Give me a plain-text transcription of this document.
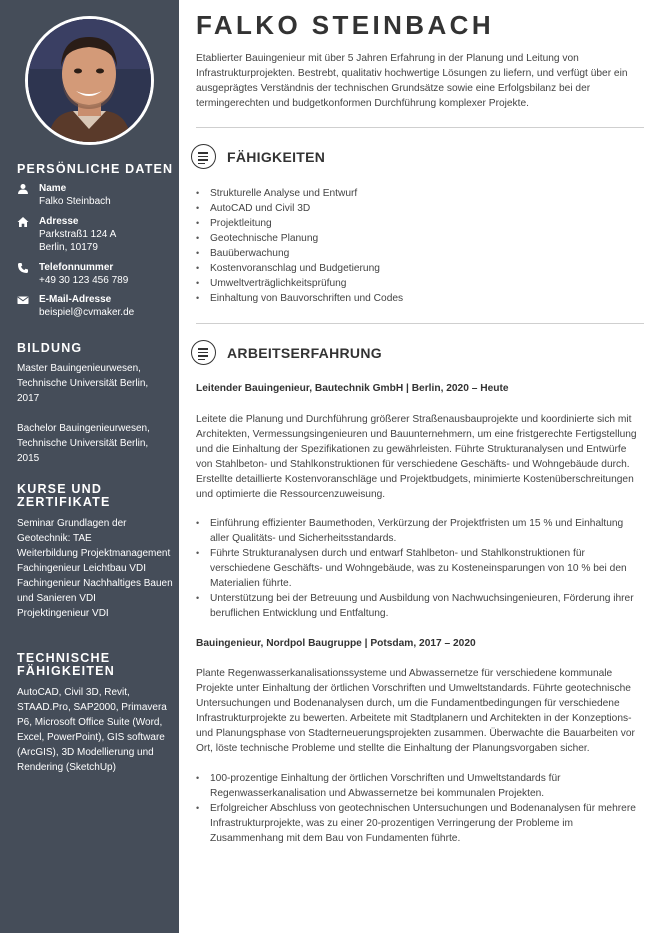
PERSÖNLICHE DATEN
Name
Falko Steinbach
Adresse
Parkstraß1 124 A
Berlin, 10179
Telefonnummer
+49 30 123 456 789
E-Mail-Adresse
beispiel@cvmaker.de
BILDUNG
Master Bauingenieurwesen,
Technische Universität Berlin,
2017
Bachelor Bauingenieurwesen,
Technische Universität Berlin,
2015
KURSE UND ZERTIFIKATE
Seminar Grundlagen der Geotechnik: TAE
Weiterbildung Projektmanagement
Fachingenieur Leichtbau VDI
Fachingenieur Nachhaltiges Bauen und Sanieren VDI
Projektingenieur VDI
TECHNISCHE FÄHIGKEITEN
AutoCAD, Civil 3D, Revit, STAAD.Pro, SAP2000, Primavera P6, Microsoft Office Suite (Word, Excel, PowerPoint), GIS software (ArcGIS), 3D Modellierung und Rendering (SketchUp)
FALKO STEINBACH

Etablierter Bauingenieur mit über 5 Jahren Erfahrung in der Planung und Leitung von Infrastrukturprojekten. Bestrebt, qualitativ hochwertige Lösungen zu liefern, und verfügt über ein ausgeprägtes Verständnis der technischen Grundsätze sowie eine Erfolgsbilanz bei der termingerechten und budgetkonformen Durchführung komplexer Projekte.

FÄHIGKEITEN
• Strukturelle Analyse und Entwurf
• AutoCAD und Civil 3D
• Projektleitung
• Geotechnische Planung
• Bauüberwachung
• Kostenvoranschlag und Budgetierung
• Umweltverträglichkeitsprüfung
• Einhaltung von Bauvorschriften und Codes
ARBEITSERFAHRUNG
Leitender Bauingenieur, Bautechnik GmbH | Berlin, 2020 – Heute

Leitete die Planung und Durchführung größerer Straßenausbauprojekte und koordinierte sich mit Architekten, Vermessungsingenieuren und Bauunternehmern, um eine fristgerechte Fertigstellung und die Einhaltung der Spezifikationen zu gewährleisten. Führte Strukturanalysen und Entwürfe von Stahlbeton- und Stahlkonstruktionen für verschiedene Geschäfts- und Wohngebäude durch. Erstellte detaillierte Kostenvoranschläge und Projektbudgets, minimierte Kostenüberschreitungen und optimierte die Ressourcenzuweisung.

• Einführung effizienter Baumethoden, Verkürzung der Projektfristen um 15 % und Einhaltung aller Qualitäts- und Sicherheitsstandards.
• Führte Strukturanalysen durch und entwarf Stahlbeton- und Stahlkonstruktionen für verschiedene Geschäfts- und Wohngebäude, was zu Kosteneinsparungen von 10 % bei den Materialien führte.
• Unterstützung bei der Betreuung und Ausbildung von Nachwuchsingenieuren, Förderung ihrer beruflichen Entwicklung und Entfaltung.
Bauingenieur, Nordpol Baugruppe | Potsdam, 2017 – 2020

Plante Regenwasserkanalisationssysteme und Abwassernetze für verschiedene kommunale Projekte unter Einhaltung der örtlichen Vorschriften und Umweltstandards. Führte geotechnische Untersuchungen und Bodenanalysen durch, um die Fundamentbedingungen für verschiedene Infrastrukturprojekte zu bewerten. Arbeitete mit Stadtplanern und Architekten in der Konzeptions- und Planungsphase von Stadterneuerungsprojekten zusammen. Überwachte die Bauarbeiten vor Ort, löste technische Probleme und stellte die Einhaltung der Planungsvorgaben sicher.

• 100-prozentige Einhaltung der örtlichen Vorschriften und Umweltstandards für Regenwasserkanalisation und Abwassernetze bei kommunalen Projekten.
• Erfolgreicher Abschluss von geotechnischen Untersuchungen und Bodenanalysen für mehrere Infrastrukturprojekte, was zu einer 20-prozentigen Verringerung der Probleme im Zusammenhang mit dem Bau von Fundamenten führte.
